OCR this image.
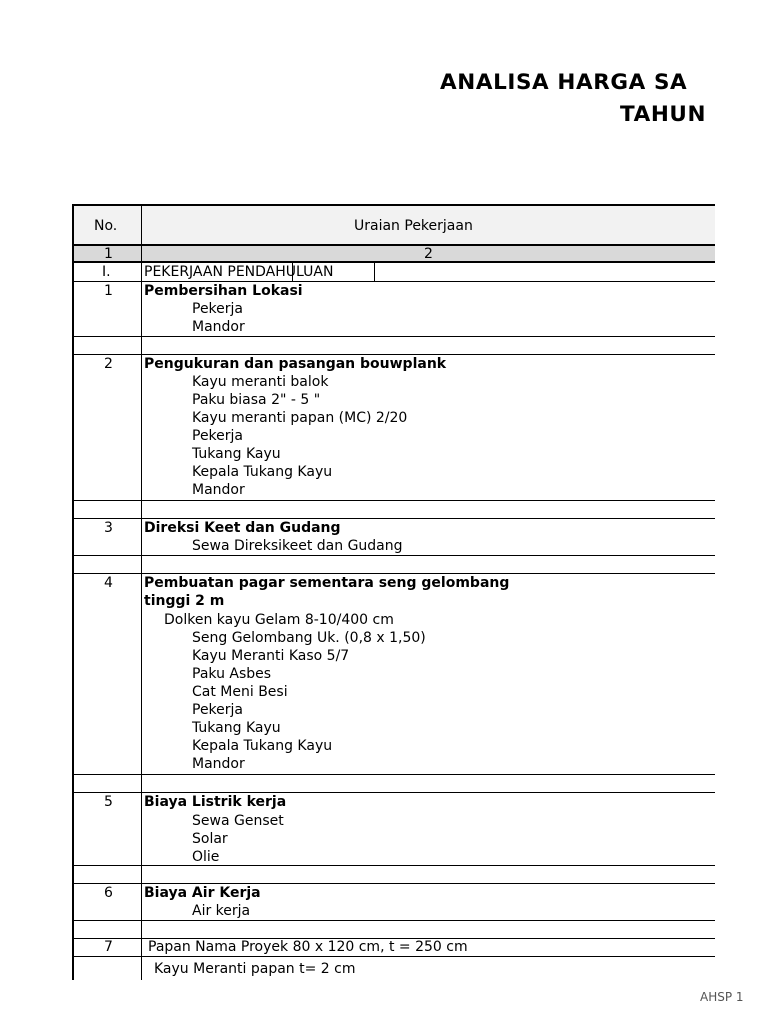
ANALISA HARGA SA
TAHUN
No.	Uraian Pekerjaan
1	2
I. PEKERJAAN PENDAHULUAN
1 Pembersihan Lokasi
Pekerja
Mandor
2 Pengukuran dan pasangan bouwplank
Kayu meranti balok
Paku biasa 2" - 5 "
Kayu meranti papan (MC) 2/20
Pekerja
Tukang Kayu
Kepala Tukang Kayu
Mandor
3 Direksi Keet dan Gudang
Sewa Direksikeet dan Gudang
4 Pembuatan pagar sementara seng gelombang
tinggi 2 m
Dolken kayu Gelam 8-10/400 cm
Seng Gelombang Uk. (0,8 x 1,50)
Kayu Meranti Kaso 5/7
Paku Asbes
Cat Meni Besi
Pekerja
Tukang Kayu
Kepala Tukang Kayu
Mandor
5 Biaya Listrik kerja
Sewa Genset
Solar
Olie
6 Biaya Air Kerja
Air kerja
7	Papan Nama Proyek 80 x 120 cm, t = 250 cm
Kayu Meranti papan t= 2 cm
AHSP 1
